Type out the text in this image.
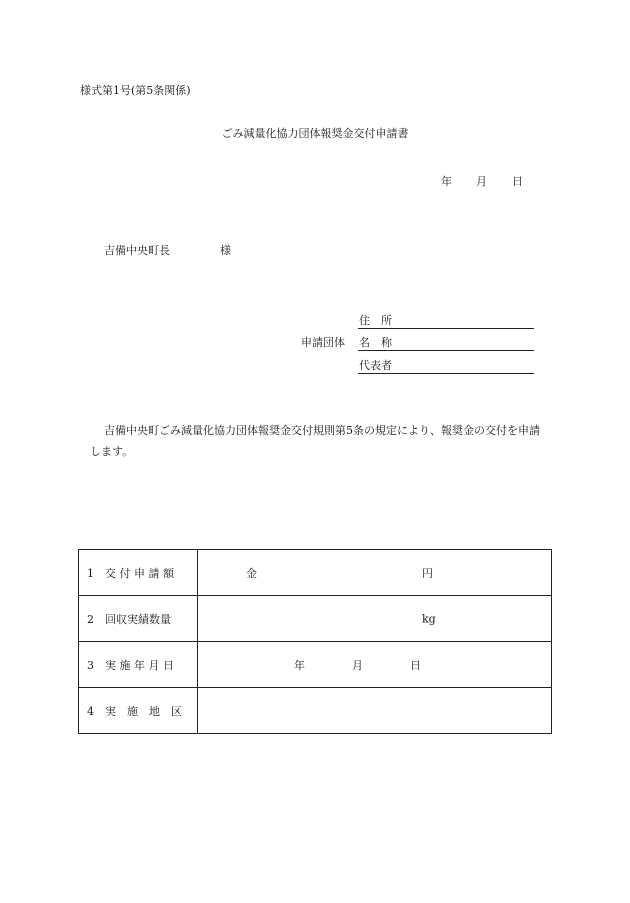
様式第1号(第5条関係)
ごみ減量化協力団体報奨金交付申請書
年 月 日
吉備中央町長	様
住　所
申請団体 名　称
代表者
吉備中央町ごみ減量化協力団体報奨金交付規則第5条の規定により、報奨金の交付を申請します。
1　交 付 申 請 額	金 円

2　回収実績数量	kg

3　実 施 年 月 日	年 月 日

4　実　施　地　区	
